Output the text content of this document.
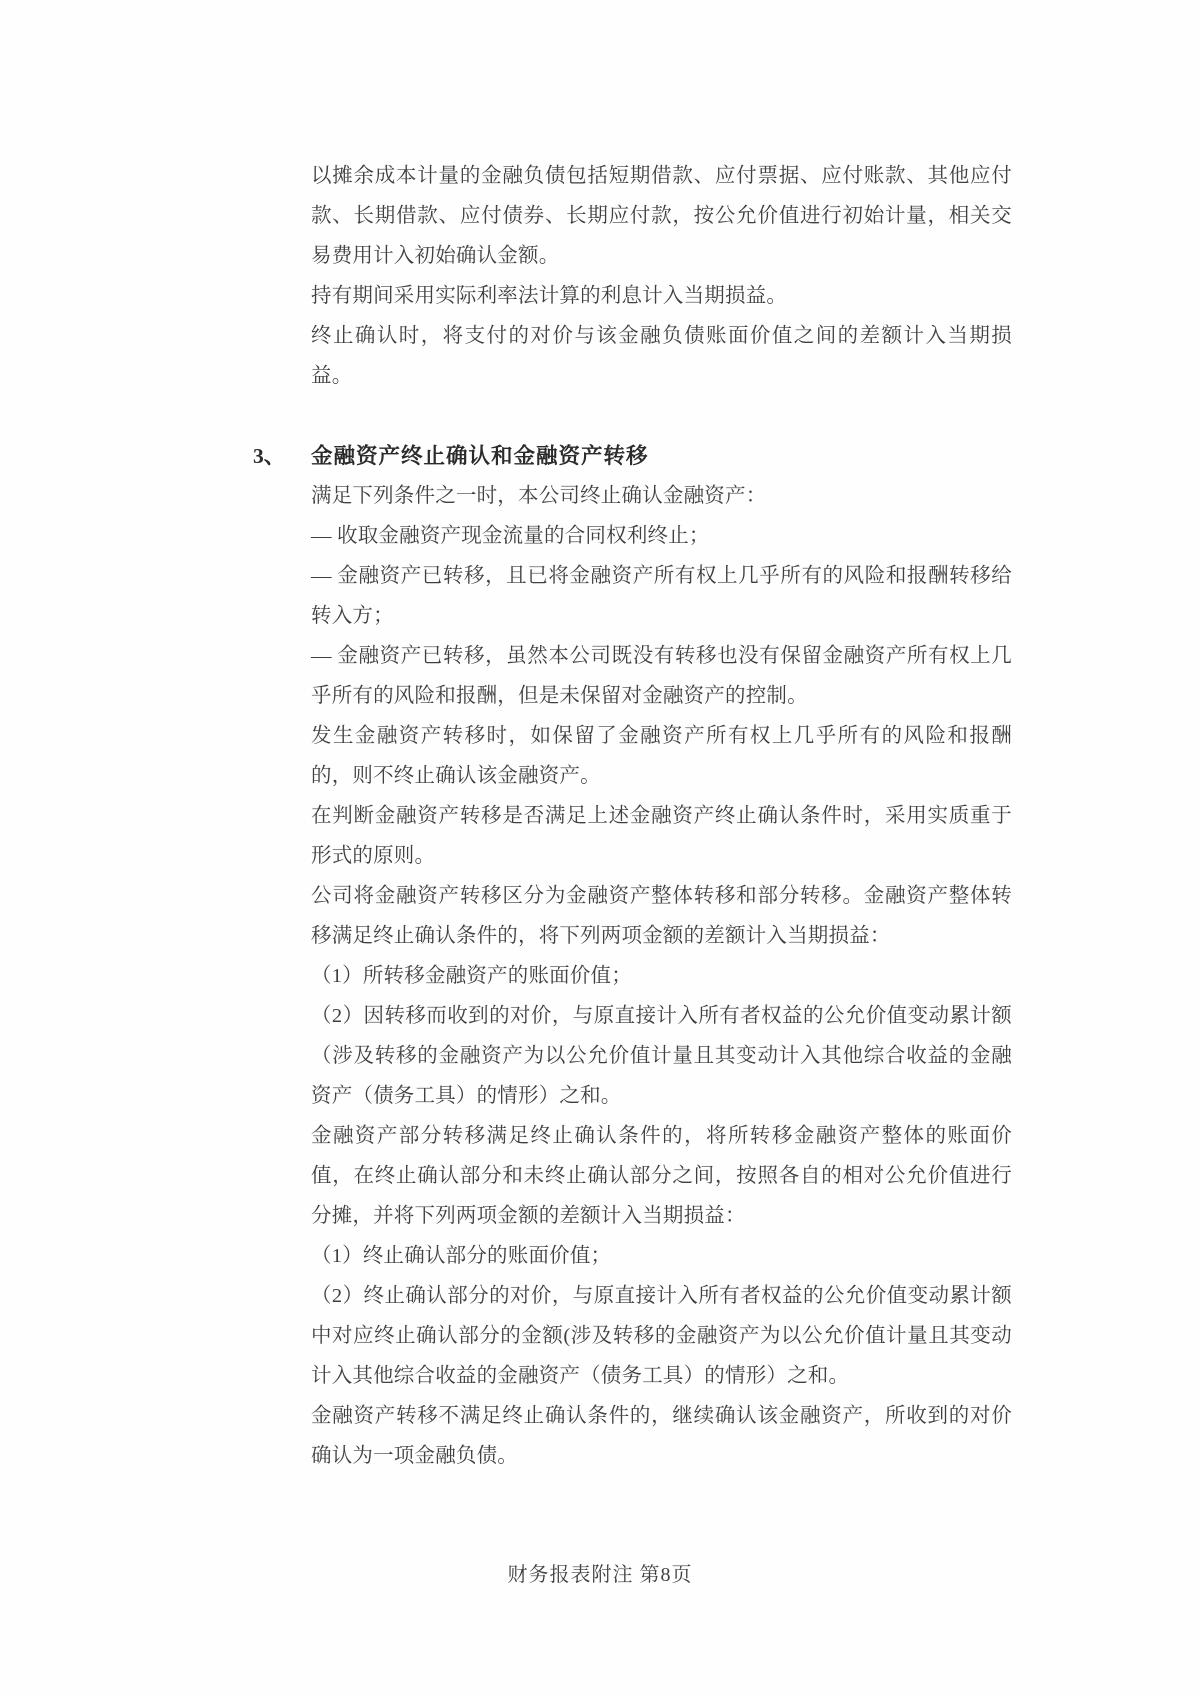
以摊余成本计量的金融负债包括短期借款、应付票据、应付账款、其他应付款、长期借款、应付债券、长期应付款，按公允价值进行初始计量，相关交易费用计入初始确认金额。

持有期间采用实际利率法计算的利息计入当期损益。

终止确认时，将支付的对价与该金融负债账面价值之间的差额计入当期损益。

3、 金融资产终止确认和金融资产转移

满足下列条件之一时，本公司终止确认金融资产：

— 收取金融资产现金流量的合同权利终止；

— 金融资产已转移，且已将金融资产所有权上几乎所有的风险和报酬转移给转入方；

— 金融资产已转移，虽然本公司既没有转移也没有保留金融资产所有权上几乎所有的风险和报酬，但是未保留对金融资产的控制。

发生金融资产转移时，如保留了金融资产所有权上几乎所有的风险和报酬的，则不终止确认该金融资产。

在判断金融资产转移是否满足上述金融资产终止确认条件时，采用实质重于形式的原则。

公司将金融资产转移区分为金融资产整体转移和部分转移。金融资产整体转移满足终止确认条件的，将下列两项金额的差额计入当期损益：

（1）所转移金融资产的账面价值；

（2）因转移而收到的对价，与原直接计入所有者权益的公允价值变动累计额（涉及转移的金融资产为以公允价值计量且其变动计入其他综合收益的金融资产（债务工具）的情形）之和。

金融资产部分转移满足终止确认条件的，将所转移金融资产整体的账面价值，在终止确认部分和未终止确认部分之间，按照各自的相对公允价值进行分摊，并将下列两项金额的差额计入当期损益：

（1）终止确认部分的账面价值；

（2）终止确认部分的对价，与原直接计入所有者权益的公允价值变动累计额中对应终止确认部分的金额(涉及转移的金融资产为以公允价值计量且其变动计入其他综合收益的金融资产（债务工具）的情形）之和。

金融资产转移不满足终止确认条件的，继续确认该金融资产，所收到的对价确认为一项金融负债。

财务报表附注 第8页
